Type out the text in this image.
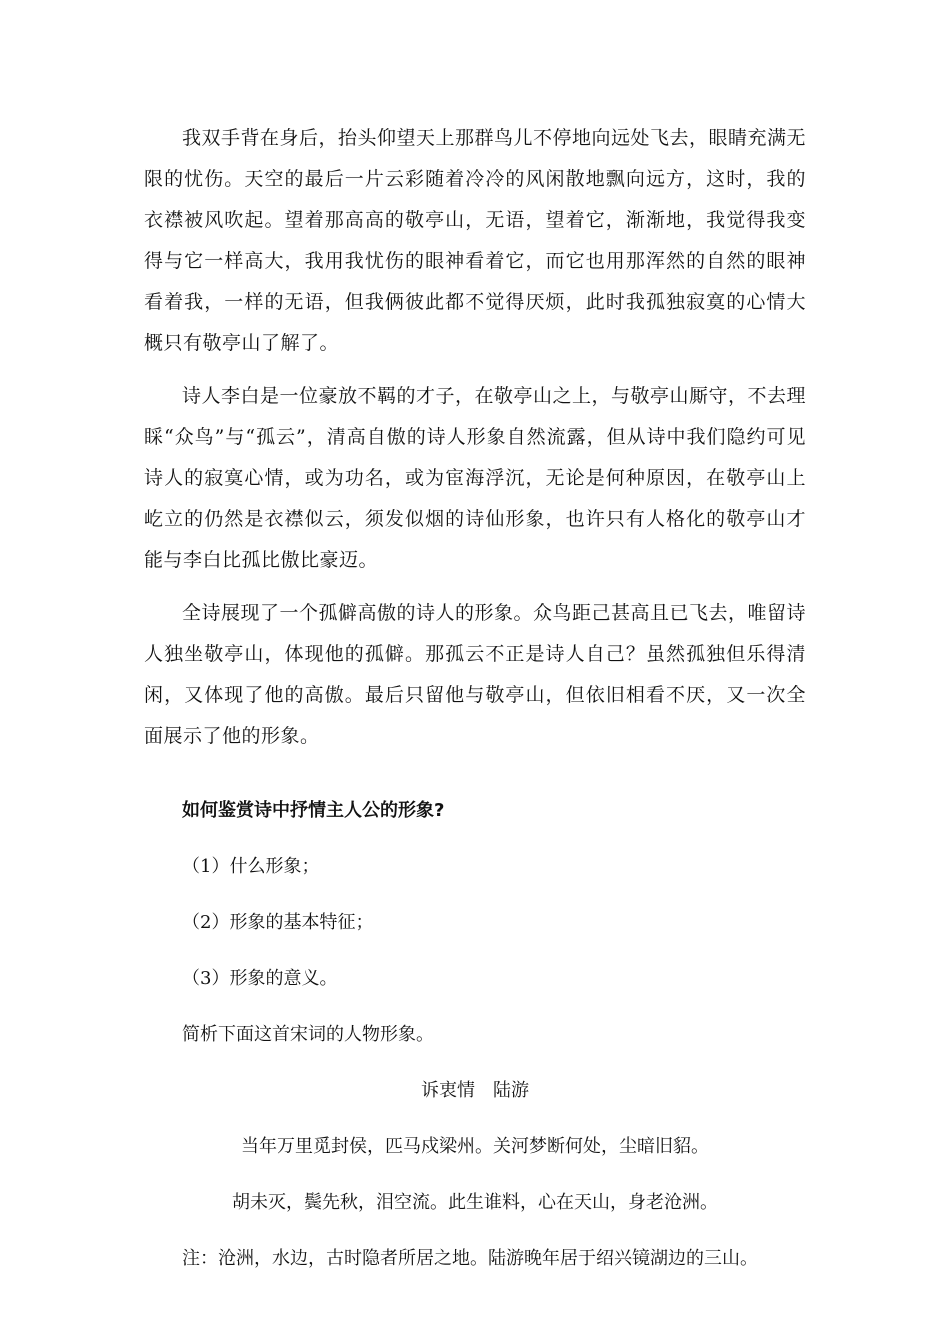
我双手背在身后，抬头仰望天上那群鸟儿不停地向远处飞去，眼睛充满无限的忧伤。天空的最后一片云彩随着冷冷的风闲散地飘向远方，这时，我的衣襟被风吹起。望着那高高的敬亭山，无语，望着它，渐渐地，我觉得我变得与它一样高大，我用我忧伤的眼神看着它，而它也用那浑然的自然的眼神看着我，一样的无语，但我俩彼此都不觉得厌烦，此时我孤独寂寞的心情大概只有敬亭山了解了。

诗人李白是一位豪放不羁的才子，在敬亭山之上，与敬亭山厮守，不去理睬“众鸟”与“孤云”，清高自傲的诗人形象自然流露，但从诗中我们隐约可见诗人的寂寞心情，或为功名，或为宦海浮沉，无论是何种原因，在敬亭山上屹立的仍然是衣襟似云，须发似烟的诗仙形象，也许只有人格化的敬亭山才能与李白比孤比傲比豪迈。

全诗展现了一个孤僻高傲的诗人的形象。众鸟距己甚高且已飞去，唯留诗人独坐敬亭山，体现他的孤僻。那孤云不正是诗人自己？虽然孤独但乐得清闲，又体现了他的高傲。最后只留他与敬亭山，但依旧相看不厌，又一次全面展示了他的形象。

如何鉴赏诗中抒情主人公的形象?
（1）什么形象；
（2）形象的基本特征；
（3）形象的意义。
简析下面这首宋词的人物形象。
诉衷情 陆游
当年万里觅封侯，匹马戍梁州。关河梦断何处，尘暗旧貂。
胡未灭，鬓先秋，泪空流。此生谁料，心在天山，身老沧洲。
注：沧洲，水边，古时隐者所居之地。陆游晚年居于绍兴镜湖边的三山。
